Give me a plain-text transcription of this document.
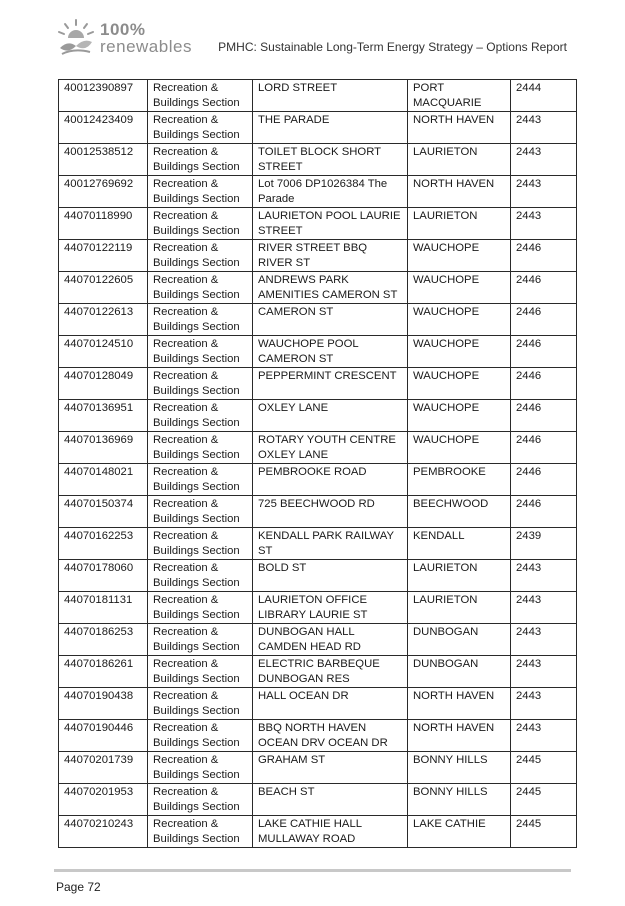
100%
renewables PMHC: Sustainable Long-Term Energy Strategy – Options Report
40012390897	Recreation & Buildings Section	LORD STREET	PORT MACQUARIE	2444
40012423409	Recreation & Buildings Section	THE PARADE	NORTH HAVEN	2443
40012538512	Recreation & Buildings Section	TOILET BLOCK SHORT STREET	LAURIETON	2443
40012769692	Recreation & Buildings Section	Lot 7006 DP1026384 The Parade	NORTH HAVEN	2443
44070118990	Recreation & Buildings Section	LAURIETON POOL LAURIE STREET	LAURIETON	2443
44070122119	Recreation & Buildings Section	RIVER STREET BBQ RIVER ST	WAUCHOPE	2446
44070122605	Recreation & Buildings Section	ANDREWS PARK AMENITIES CAMERON ST	WAUCHOPE	2446
44070122613	Recreation & Buildings Section	CAMERON ST	WAUCHOPE	2446
44070124510	Recreation & Buildings Section	WAUCHOPE POOL CAMERON ST	WAUCHOPE	2446
44070128049	Recreation & Buildings Section	PEPPERMINT CRESCENT	WAUCHOPE	2446
44070136951	Recreation & Buildings Section	OXLEY LANE	WAUCHOPE	2446
44070136969	Recreation & Buildings Section	ROTARY YOUTH CENTRE OXLEY LANE	WAUCHOPE	2446
44070148021	Recreation & Buildings Section	PEMBROOKE ROAD	PEMBROOKE	2446
44070150374	Recreation & Buildings Section	725 BEECHWOOD RD	BEECHWOOD	2446
44070162253	Recreation & Buildings Section	KENDALL PARK RAILWAY ST	KENDALL	2439
44070178060	Recreation & Buildings Section	BOLD ST	LAURIETON	2443
44070181131	Recreation & Buildings Section	LAURIETON OFFICE LIBRARY LAURIE ST	LAURIETON	2443
44070186253	Recreation & Buildings Section	DUNBOGAN HALL CAMDEN HEAD RD	DUNBOGAN	2443
44070186261	Recreation & Buildings Section	ELECTRIC BARBEQUE DUNBOGAN RES	DUNBOGAN	2443
44070190438	Recreation & Buildings Section	HALL OCEAN DR	NORTH HAVEN	2443
44070190446	Recreation & Buildings Section	BBQ NORTH HAVEN OCEAN DRV OCEAN DR	NORTH HAVEN	2443
44070201739	Recreation & Buildings Section	GRAHAM ST	BONNY HILLS	2445
44070201953	Recreation & Buildings Section	BEACH ST	BONNY HILLS	2445
44070210243	Recreation & Buildings Section	LAKE CATHIE HALL MULLAWAY ROAD	LAKE CATHIE	2445
Page 72
